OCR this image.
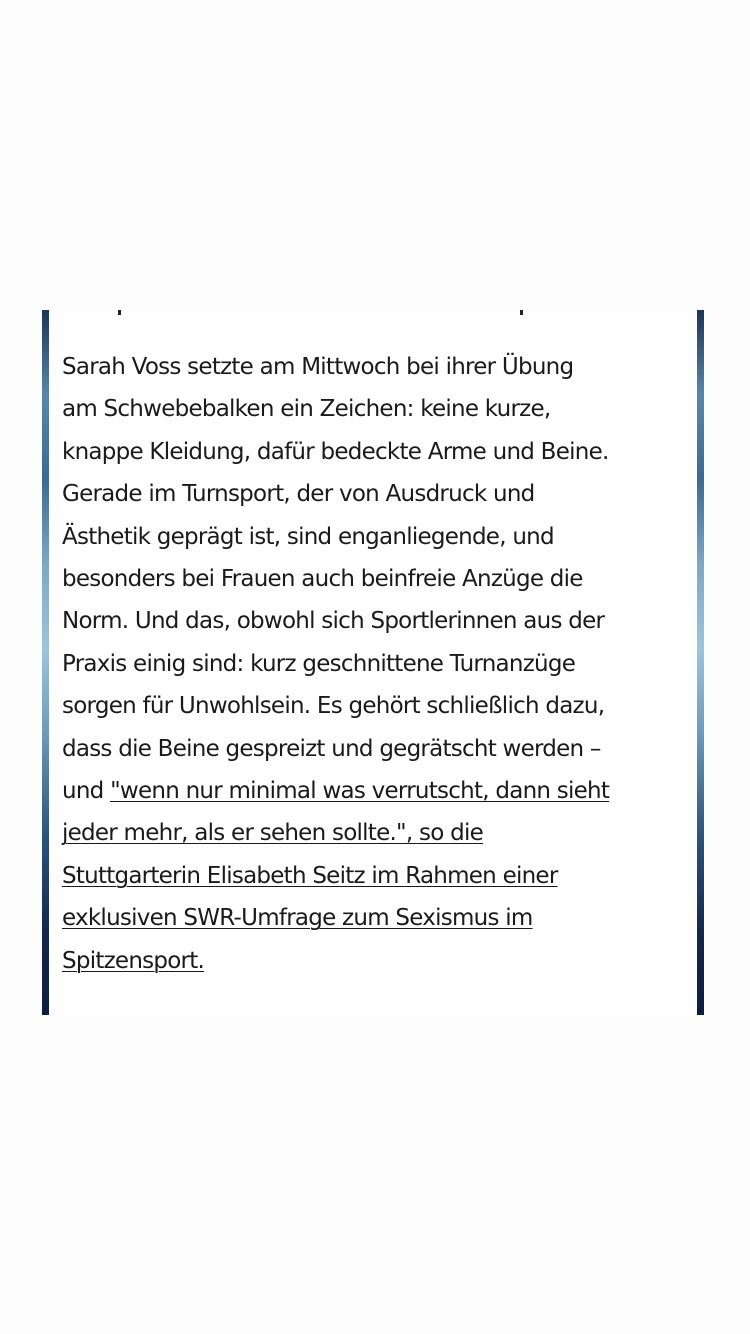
Sarah Voss setzte am Mittwoch bei ihrer Übung
am Schwebebalken ein Zeichen: keine kurze,
knappe Kleidung, dafür bedeckte Arme und Beine.
Gerade im Turnsport, der von Ausdruck und
Ästhetik geprägt ist, sind enganliegende, und
besonders bei Frauen auch beinfreie Anzüge die
Norm. Und das, obwohl sich Sportlerinnen aus der
Praxis einig sind: kurz geschnittene Turnanzüge
sorgen für Unwohlsein. Es gehört schließlich dazu,
dass die Beine gespreizt und gegrätscht werden –
und "wenn nur minimal was verrutscht, dann sieht
jeder mehr, als er sehen sollte.", so die
Stuttgarterin Elisabeth Seitz im Rahmen einer
exklusiven SWR-Umfrage zum Sexismus im
Spitzensport.
